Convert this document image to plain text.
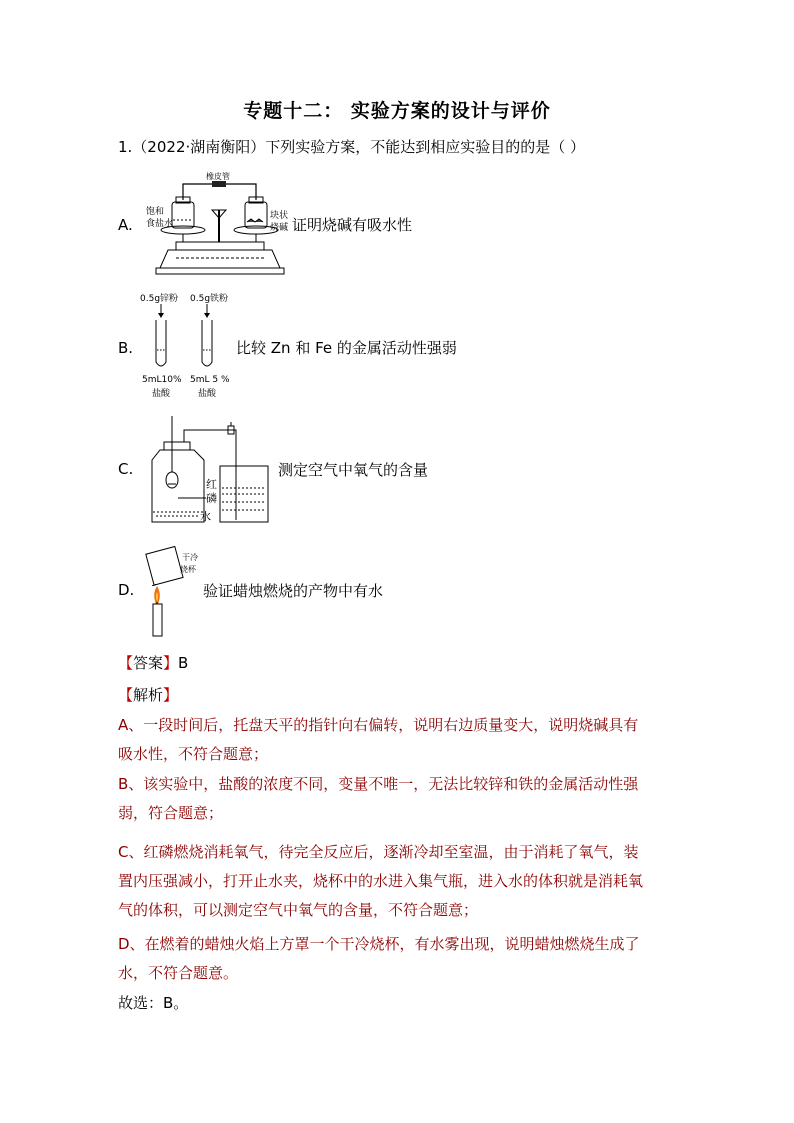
专题十二： 实验方案的设计与评价
1.（2022·湖南衡阳）下列实验方案，不能达到相应实验目的的是（ ）
A.
橡皮管
饱和
食盐水
块状
烧碱 证明烧碱有吸水性
B.
0.5g锌粉 0.5g铁粉
5mL10% 5mL 5 %
盐酸	盐酸
比较 Zn 和 Fe 的金属活动性强弱
C.
红
磷
水
测定空气中氧气的含量
D.
干冷
烧杯
验证蜡烛燃烧的产物中有水
【答案】B
【解析】
A、一段时间后，托盘天平的指针向右偏转，说明右边质量变大，说明烧碱具有
吸水性，不符合题意；
B、该实验中，盐酸的浓度不同，变量不唯一，无法比较锌和铁的金属活动性强
弱，符合题意；
C、红磷燃烧消耗氧气，待完全反应后，逐渐冷却至室温，由于消耗了氧气，装
置内压强减小，打开止水夹，烧杯中的水进入集气瓶，进入水的体积就是消耗氧
气的体积，可以测定空气中氧气的含量，不符合题意；
D、在燃着的蜡烛火焰上方罩一个干冷烧杯，有水雾出现，说明蜡烛燃烧生成了
水，不符合题意。
故选：B。
